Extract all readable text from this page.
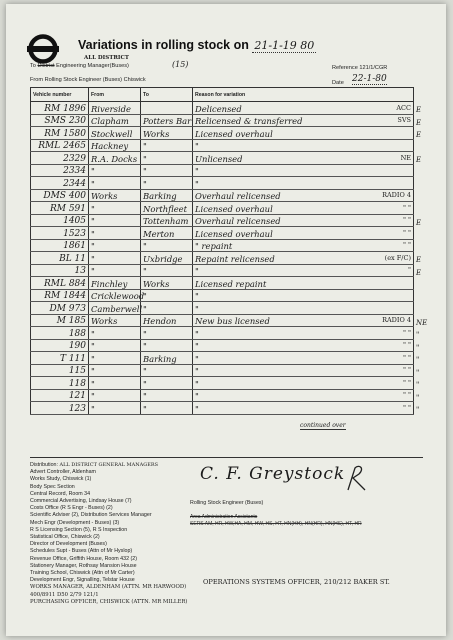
Variations in rolling stock on 21-1-19 80
ALL DISTRICT
To District Engineering Manager(Buses)	(15)	Reference 121/1/CGR
From Rolling Stock Engineer (Buses) Chiswick	Date 22-1-80
Vehicle number	From	To	Reason for variation	
RM 1896	Riverside		Delicensed ACC	E
SMS 230	Clapham	Potters Bar	Relicensed & transferred SVS	E
RM 1580	Stockwell	Works	Licensed overhaul	E
RML 2465	Hackney	"	"	

2329	R.A. Docks	"	Unlicensed NE	E
2334	"	"	"	

2344	"	"	"	

DMS 400	Works	Barking	Overhaul relicensed RADIO 4	

RM 591	"	Northfleet	Licensed overhaul " "	

1405	"	Tottenham	Overhaul relicensed " "	E
1523	"	Merton	Licensed overhaul " "	

1861	"	"	" repaint " "	

BL 11	"	Uxbridge	Repaint relicensed (ex F/C)	E
13	"	"	" "	E
RML 884	Finchley	Works	Licensed repaint	

RM 1844	Cricklewood	"	"	

DM 973	Camberwell	"	"	

M 185	Works	Hendon	New bus licensed RADIO 4	NE
188	"	"	" " "	"
190	"	"	" " "	"
T 111	"	Barking	" " "	"
115	"	"	" " "	"
118	"	"	" " "	"
121	"	"	" " "	"
123	"	"	" " "	"
continued over
Distribution: ALL DISTRICT GENERAL MANAGERS
Advert Controller, Aldenham
Works Study, Chiswick (1)
Body Spec Section
Central Record, Room 34
Commercial Advertising, Lindsay House (7)
Costs Office (R S Engr - Buses) (2)
Scientific Adviser (2), Distribution Services Manager
Mech Engr (Development - Buses) (3)
R S Licensing Section (5), R S Inspection
Statistical Office, Chiswick (2)
Director of Development (Buses)
Schedules Supt - Buses (Attn of Mr Hyslop)
Revenue Office, Griffith House, Room 432 (2)
Stationery Manager, Rothsay Mansion House
Training School, Chiswick (Attn of Mr Carter)
Development Engr, Signalling, Telstar House
WORKS MANAGER, ALDENHAM (ATTN. MR HARWOOD)
400/8911 D50 2/79 121/1
PURCHASING OFFICER, CHISWICK (ATTN. MR MILLER)
C. F. Greystock
Rolling Stock Engineer (Buses)
Area Administration Assistants
SERS AM, HR, HW,HA, HM, HW, HS, HT, HN(HH), HN(HR), HN(HS), HT, HR
OPERATIONS SYSTEMS OFFICER, 210/212 BAKER ST.
